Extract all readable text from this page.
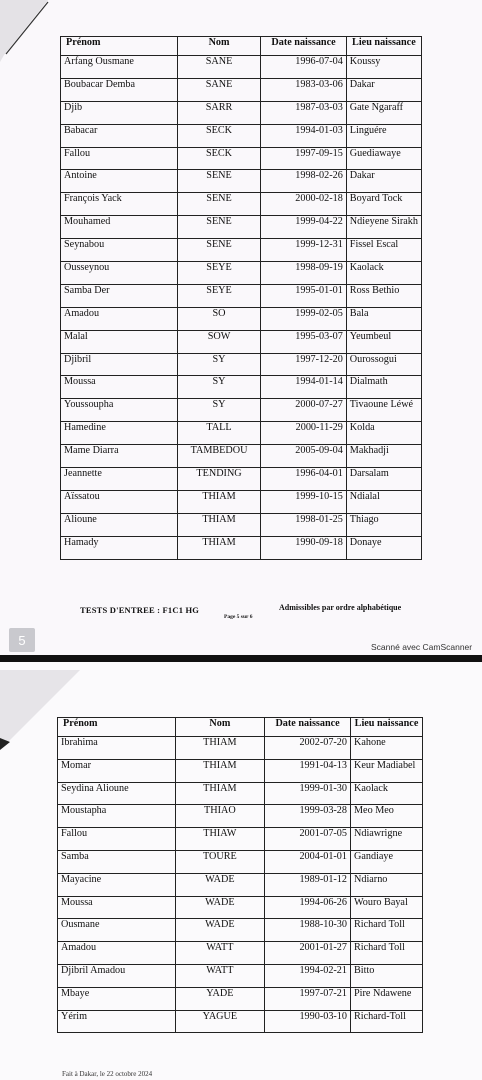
Prénom	Nom	Date naissance	Lieu naissance
Arfang Ousmane	SANE	1996-07-04	Koussy
Boubacar Demba	SANE	1983-03-06	Dakar
Djib	SARR	1987-03-03	Gate Ngaraff
Babacar	SECK	1994-01-03	Linguére
Fallou	SECK	1997-09-15	Guediawaye
Antoine	SENE	1998-02-26	Dakar
François Yack	SENE	2000-02-18	Boyard Tock
Mouhamed	SENE	1999-04-22	Ndieyene Sirakh
Seynabou	SENE	1999-12-31	Fissel Escal
Ousseynou	SEYE	1998-09-19	Kaolack
Samba Der	SEYE	1995-01-01	Ross Bethio
Amadou	SO	1999-02-05	Bala
Malal	SOW	1995-03-07	Yeumbeul
Djibril	SY	1997-12-20	Ourossogui
Moussa	SY	1994-01-14	Dialmath
Youssoupha	SY	2000-07-27	Tivaoune Léwé
Hamedine	TALL	2000-11-29	Kolda
Mame Diarra	TAMBEDOU	2005-09-04	Makhadji
Jeannette	TENDING	1996-04-01	Darsalam
Aïssatou	THIAM	1999-10-15	Ndialal
Alioune	THIAM	1998-01-25	Thiago
Hamady	THIAM	1990-09-18	Donaye
TESTS D'ENTREE : F1C1 HG	Admissibles par ordre alphabétique
Page 5 sur 6
5	Scanné avec CamScanner
Prénom	Nom	Date naissance	Lieu naissance
Ibrahima	THIAM	2002-07-20	Kahone
Momar	THIAM	1991-04-13	Keur Madiabel
Seydina Alioune	THIAM	1999-01-30	Kaolack
Moustapha	THIAO	1999-03-28	Meo Meo
Fallou	THIAW	2001-07-05	Ndiawrigne
Samba	TOURE	2004-01-01	Gandiaye
Mayacine	WADE	1989-01-12	Ndiarno
Moussa	WADE	1994-06-26	Wouro Bayal
Ousmane	WADE	1988-10-30	Richard Toll
Amadou	WATT	2001-01-27	Richard Toll
Djibril Amadou	WATT	1994-02-21	Bitto
Mbaye	YADE	1997-07-21	Pire Ndawene
Yérim	YAGUE	1990-03-10	Richard-Toll
Fait à Dakar, le 22 octobre 2024
